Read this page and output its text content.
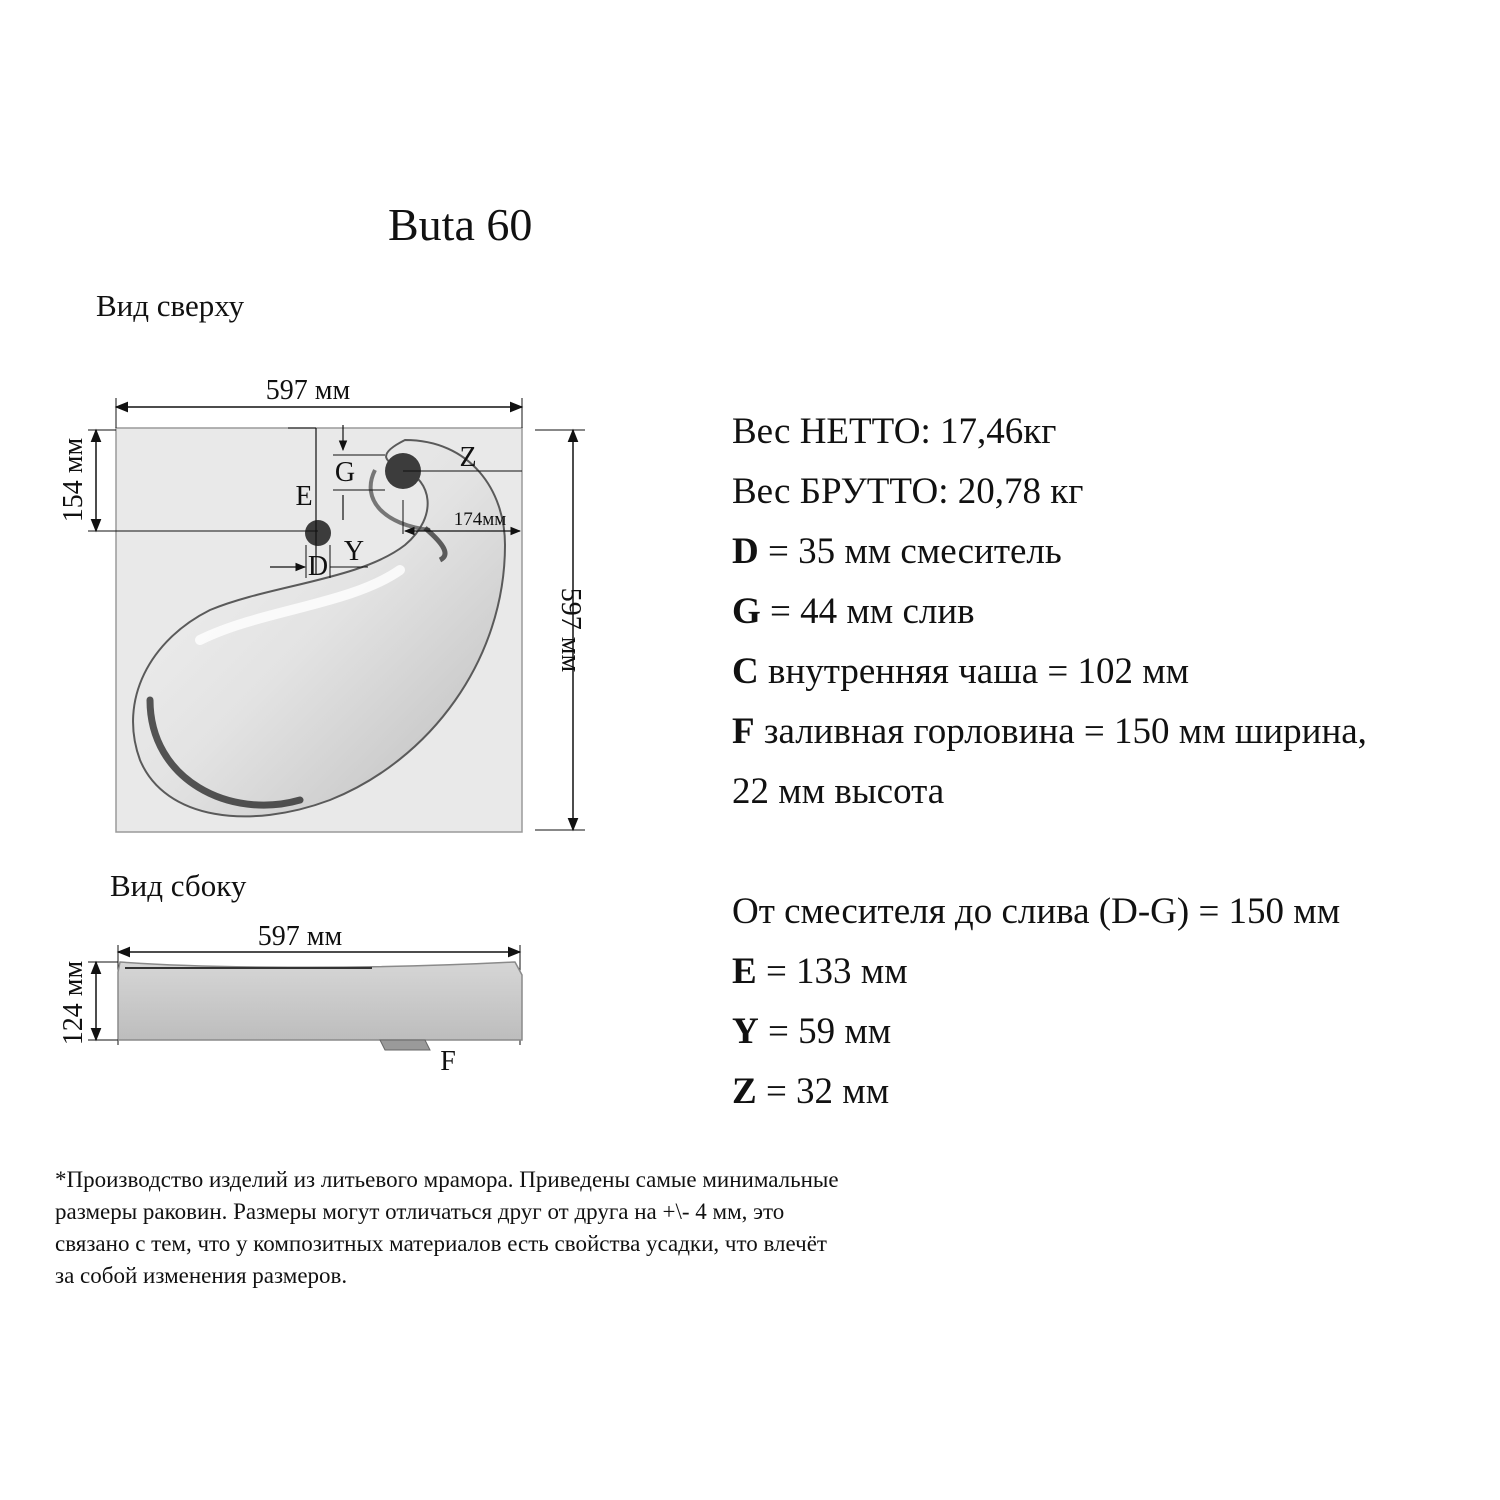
Buta 60
Вид сверху
Вид сбоку
597 мм
597 мм
154 мм	E
G	Z
174мм
D Y
597 мм
124 мм
F
Вес НЕТТО: 17,46кг
Вес БРУТТО: 20,78 кг
D = 35 мм смеситель
G = 44 мм слив
C внутренняя чаша = 102 мм
F заливная горловина = 150 мм ширина,
22 мм высота
От смесителя до слива (D-G) = 150 мм
E = 133 мм
Y = 59 мм
Z = 32 мм
*Производство изделий из литьевого мрамора. Приведены самые минимальные
размеры раковин. Размеры могут отличаться друг от друга на +\- 4 мм, это
связано с тем, что у композитных материалов есть свойства усадки, что влечёт
за собой изменения размеров.
